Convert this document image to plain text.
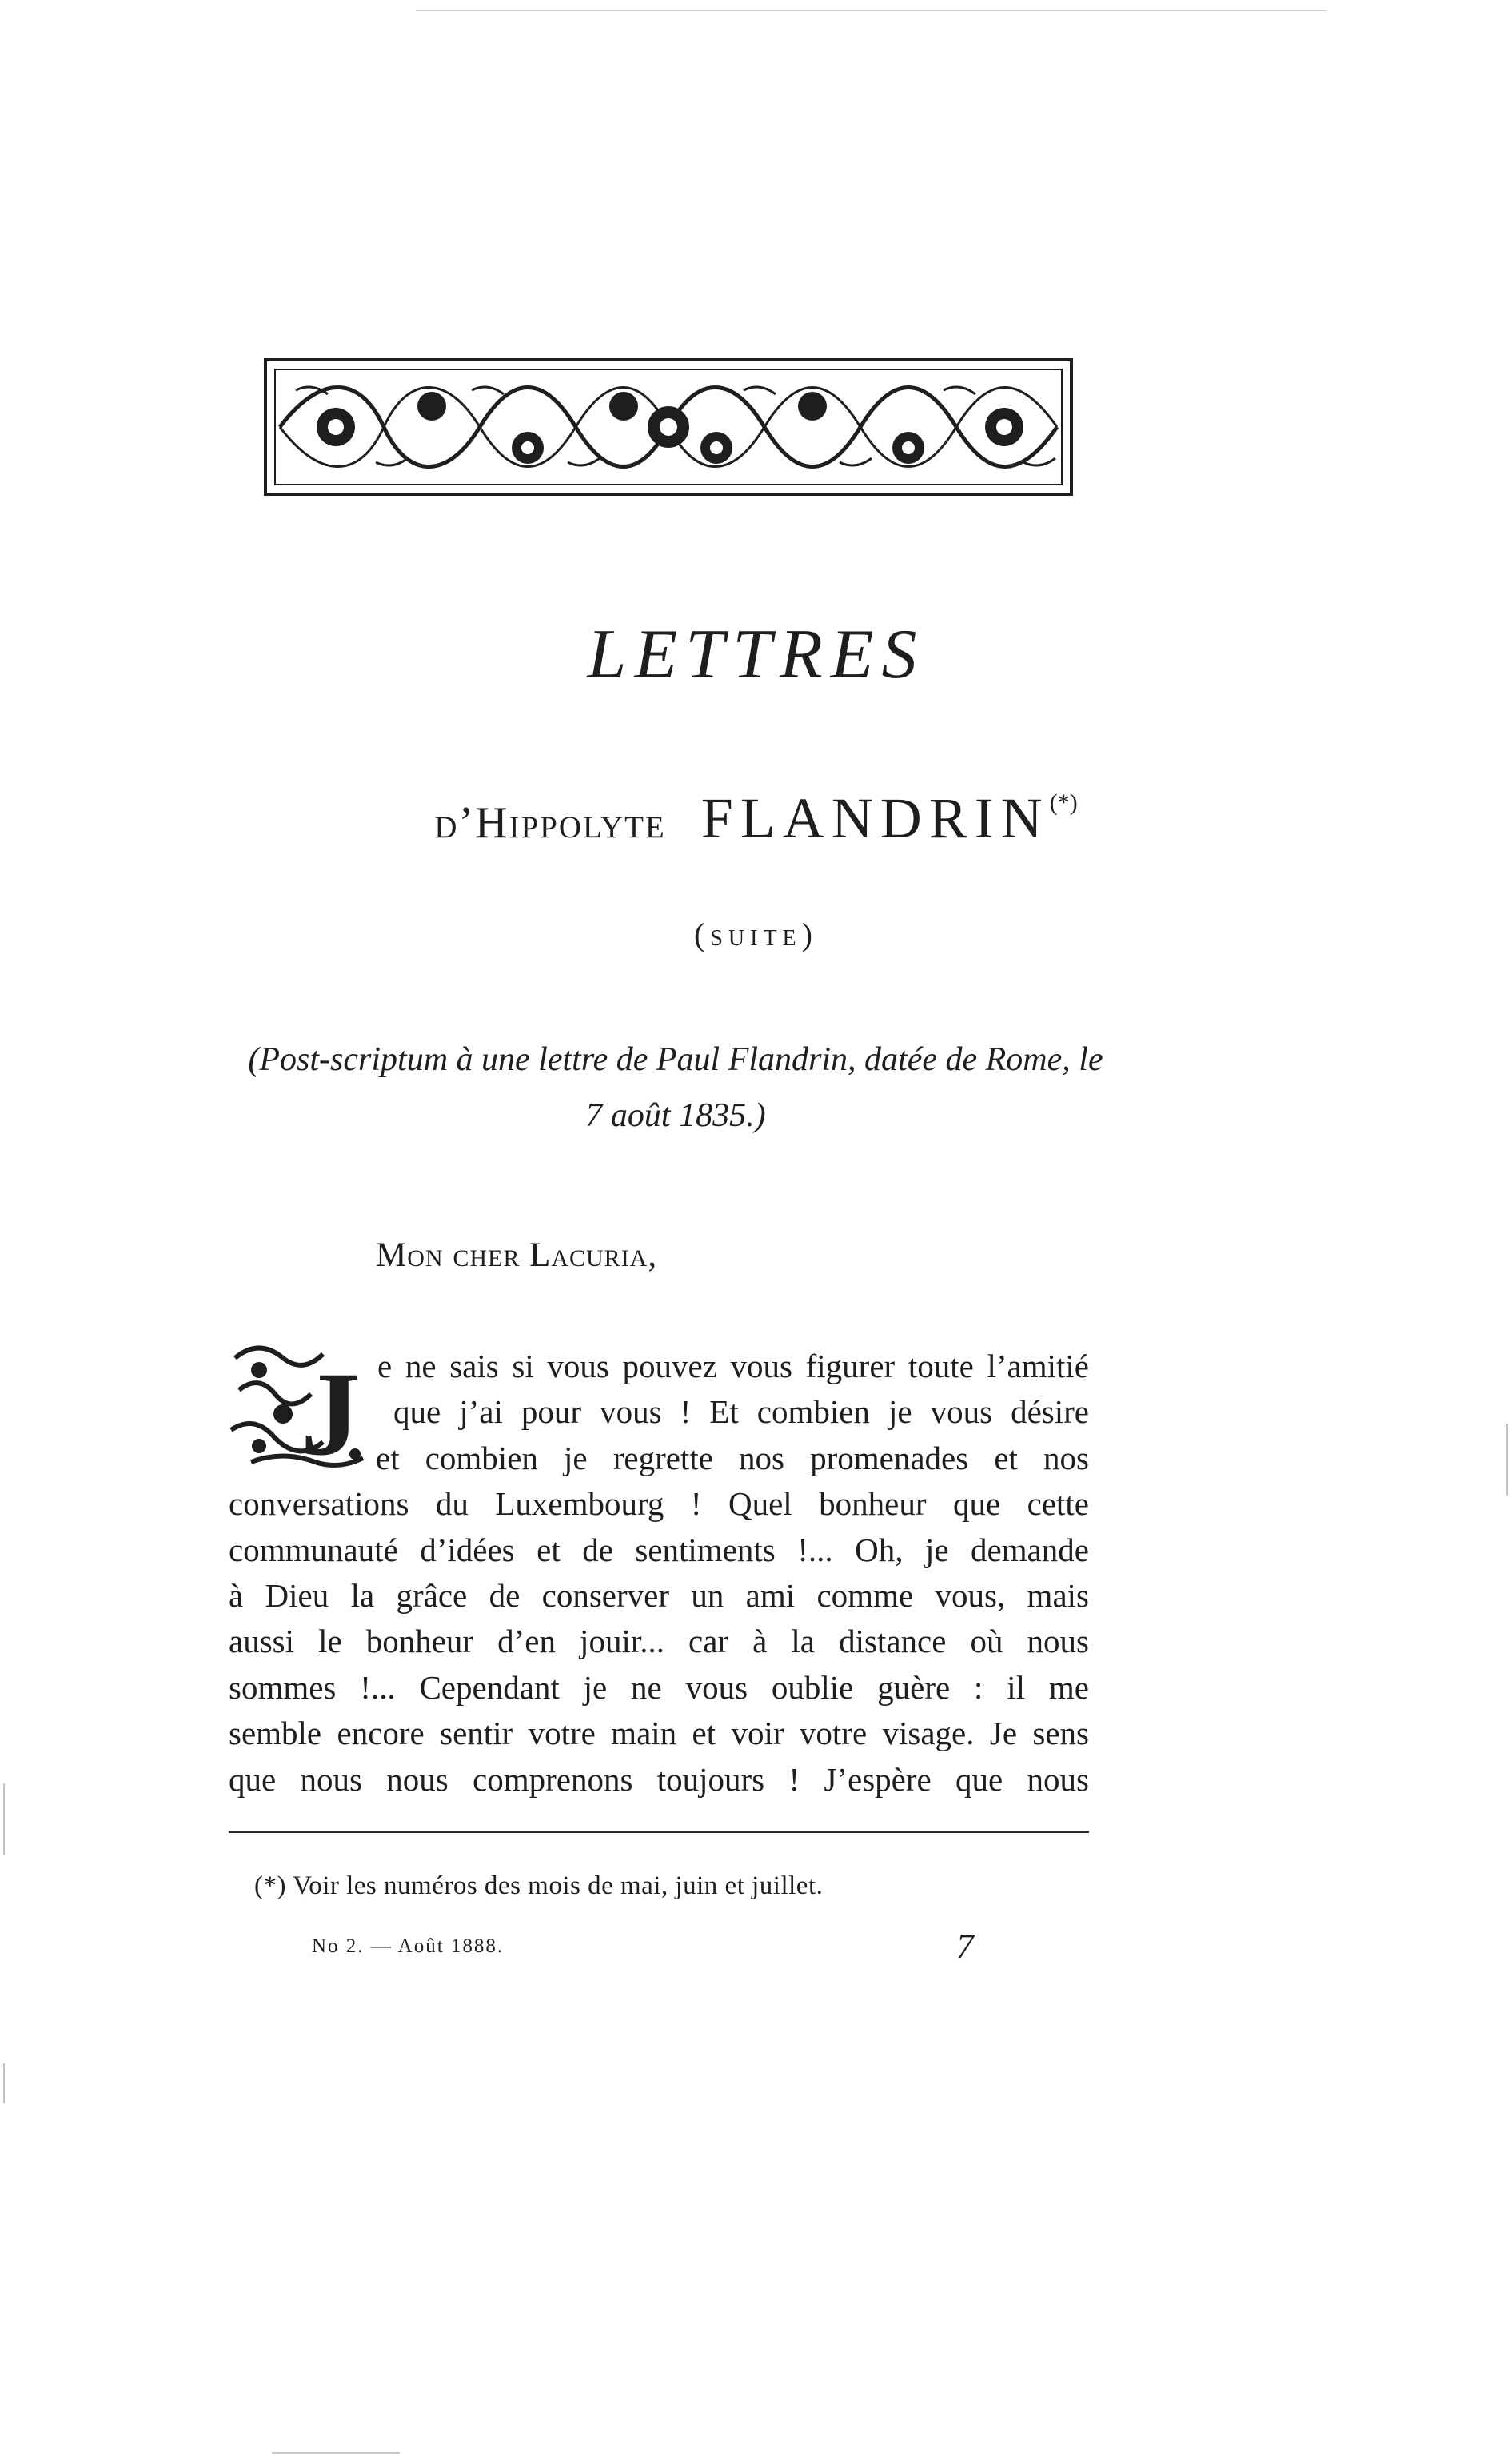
LETTRES
d’Hippolyte FLANDRIN(*)
(suite)
(Post-scriptum à une lettre de Paul Flandrin, datée de Rome, le
7 août 1835.)
Mon cher Lacuria,
J e ne sais si vous pouvez vous figurer toute l’amitié
que j’ai pour vous ! Et combien je vous désire
et combien je regrette nos promenades et nos
conversations du Luxembourg ! Quel bonheur que cette
communauté d’idées et de sentiments !... Oh, je demande
à Dieu la grâce de conserver un ami comme vous, mais
aussi le bonheur d’en jouir... car à la distance où nous
sommes !... Cependant je ne vous oublie guère : il me
semble encore sentir votre main et voir votre visage. Je sens
que nous nous comprenons toujours ! J’espère que nous
(*) Voir les numéros des mois de mai, juin et juillet.
No 2. — Août 1888.	7
